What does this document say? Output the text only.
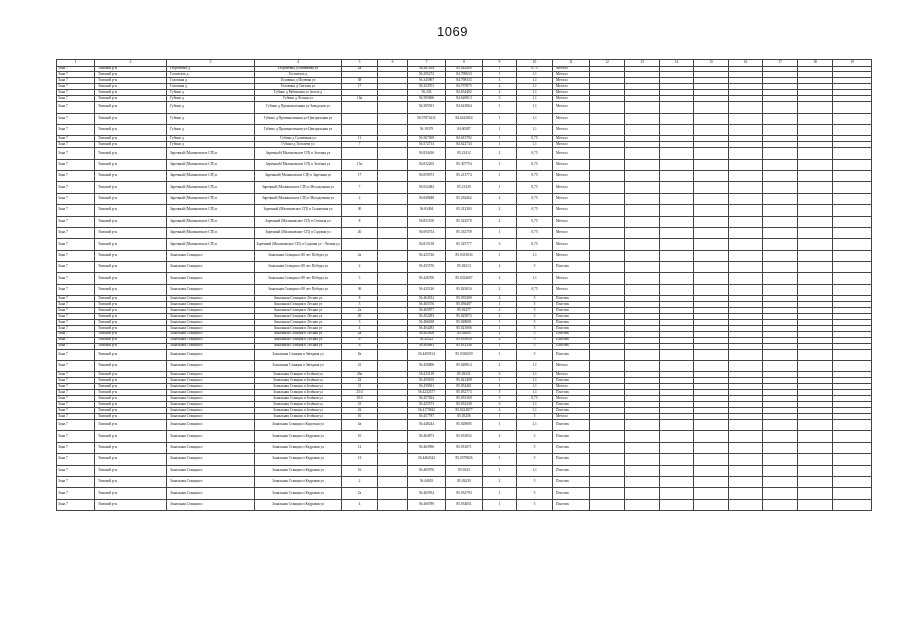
1069
1	2	3	4	5	6	7	8	9	10	11	12	13	14	15	16	17	18	19
Зона 7	Томский р-н	Георгиевка д	Георгиевка д Вишневая ул	2а		56.287294	85.024209	1	0,75	Металл								
Зона 7	Томский р-н	Госпиталь д	Госпиталь д			56.295272	84.790633	1	1,1	Металл								
Зона 7	Томский р-н	Головина д	Головина д Полевая ул	38		56.345967	84.798333	3	1,1	Металл								
Зона 7	Томский р-н	Головина д	Головина д Светлая ул	17		56.354701	84.797875	2	1,1	Металл								
Зона 7	Томский р-н	Губино д	Губино д Рябиновая ул (возле д			56,343	84,634492	2	1,1	Металл								
Зона 7	Томский р-н	Губино д	Губино д Лесная ул	16а		56.505606	84.626813	3	1,1	Металл								
Зона 7	Томский р-н	Губино д	Губино д Промышленная ул-Заводская ул			56.395591	84.622864	1	1,1	Металл								
Зона 7	Томский р-н	Губино д	Губино д Промышленная ул-Центральная ул			56.57874211	84.6225854	1	1,1	Металл								
Зона 7	Томский р-н	Губино д	Губино д Промышленная ул-Центральная ул			56.19379	84.60387	1	1,1	Металл								
Зона 7	Томский р-н	Губино д	Губино д Солнечная ул	11		56.567569	84.615792	1	0,75	Металл								
Зона 7	Томский р-н	Губино д	Губино д Тополева ул	7		56.572714	84.622734	1	1,1	Металл								
Зона 7	Томский р-н	Заречный (Малиновское СП) п	Заречный (Малиновское СП) п Зеленая ул			56.834436	85.21412	2	0,75	Металл								
Зона 7	Томский р-н	Заречный (Малиновское СП) п	Заречный (Малиновское СП) п Зелёная ул	15а		56.832265	85.307754	1	0,75	Металл								
Зона 7	Томский р-н	Заречный (Малиновское СП) п	Заречный (Малиновское СП) п Заречная ул	17		56.859073	85.213774	1	0,75	Металл								
Зона 7	Томский р-н	Заречный (Малиновское СП) п	Заречный (Малиновское СП) п Молодежная ул	7		56.832482	85.21329	1	0,75	Металл								
Зона 7	Томский р-н	Заречный (Малиновское СП) п	Заречный (Малиновское СП) п Молодежная ул	2		56.849848	85.292462	2	0,75	Металл								
Зона 7	Томский р-н	Заречный (Малиновское СП) п	Заречный (Малиновское СП) п Солнечная ул	30		56.83494	85.312303	2	0,75	Металл								
Зона 7	Томский р-н	Заречный (Малиновское СП) п	Заречный (Малиновское СП) п Степная ул	8		56.851100	85.322570	2	0,75	Металл								
Зона 7	Томский р-н	Заречный (Малиновское СП) п	Заречный (Малиновское СП) п Садовая ул	20		56.694754	85.352759	1	0,75	Металл								
Зона 7	Томский р-н	Заречный (Малиновское СП) п	Заречный (Малиновское СП) п Садовая ул - Лесная ул			56.815138	85.325777	3	0,75	Металл								
Зона 7	Томский р-н	Зональная Станция п	Зональная Станция п 80 лет Победы ул	4а		56.425726	85.0333034	1	1,1	Металл								
Зона 7	Томский р-н	Зональная Станция п	Зональная Станция п 80 лет Победы ул	2		56.455576	85.02513	2	5	Пластик								
Зона 7	Томский р-н	Зональная Станция п	Зональная Станция п 80 лет Победы ул	3		56.426700	85.0334607	2	1,1	Металл								
Зона 7	Томский р-н	Зональная Станция п	Зональная Станция п 80 лет Победы ул	36		56.425126	85.023054	2	0,75	Металл								
Зона 7	Томский р-н	Зональная Станция п	Зональная Станция п Лесная ул	8		56.464532	85.035300	2	5	Пластик								
Зона 7	Томский р-н	Зональная Станция п	Зональная Станция п Лесная ул	3		56.465376	85.036407	1	5	Пластик								
Зона 7	Томский р-н	Зональная Станция п	Зональная Станция п Лесная ул	2а		56.465877	85.02477	2	5	Пластик								
Зона 7	Томский р-н	Зональная Станция п	Зональная Станция п Лесная ул	20		56.452283	85.025872	2	5	Пластик								
Зона 7	Томский р-н	Зональная Станция п	Зональная Станция п Лесная ул	3		56.466638	85.028691	1	5	Пластик								
Зона 7	Томский р-н	Зональная Станция п	Зональная Станция п Лесная ул	4		56.464283	85.021066	1	5	Пластик								
Зона 7	Томский р-н	Зональная Станция п	Зональная Станция п Лесная ул	4а		56.462408	85.02683	2	5	Пластик								
Зона 7	Томский р-н	Зональная Станция п	Зональная Станция п Лесная ул	6		56.44322	85.035858	2	5	Пластик								
Зона 7	Томский р-н	Зональная Станция п	Зональная Станция п Лесная ул	6		56.464683	85.031348	1	5	Пластик								
Зона 7	Томский р-н	Зональная Станция п	Зональная Станция п Звёздная ул	8а		56.4459154	85.0330659	1	5	Пластик								
Зона 7	Томский р-н	Зональная Станция п	Зональная Станция п Звёздная ул	41		56.456806	85.028914	2	1,1	Металл								
Зона 7	Томский р-н	Зональная Станция п	Зональная Станция п Зелёная ул	26а		56.423118	85.03231	3	1,1	Металл								
Зона 7	Томский р-н	Зональная Станция п	Зональная Станция п Зелёная ул	22		56.459105	85.021408	1	1,1	Пластик								
Зона 7	Томский р-н	Зональная Станция п	Зональная Станция п Зелёная ул	31		56.458561	85.052461	1	1,1	Металл								
Зона 7	Томский р-н	Зональная Станция п	Зональная Станция п Зелёная ул	25/4		56.4232577	85.032773	5	1,1	Пластик								
Зона 7	Томский р-н	Зональная Станция п	Зональная Станция п Зелёная ул	10/2		56.457824	85.033169	3	0,75	Металл								
Зона 7	Томский р-н	Зональная Станция п	Зональная Станция п Зелёная ул	41		56.425573	85.032340	3	1,1	Пластик								
Зона 7	Томский р-н	Зональная Станция п	Зональная Станция п Зелёная ул	42		56.4175842	85.0224877	2	1,1	Пластик								
Зона 7	Томский р-н	Зональная Станция п	Зональная Станция п Зелёная ул	10		56.457787	85.03256	1	5	Металл								
Зона 7	Томский р-н	Зональная Станция п	Зональная Станция п Короткая ул	4а		56.448244	85.028685	1	1,1	Пластик								
Зона 7	Томский р-н	Зональная Станция п	Зональная Станция п Кедровая ул	10		56.464873	85.033052	2	5	Пластик								
Зона 7	Томский р-н	Зональная Станция п	Зональная Станция п Кедровая ул	12		56.463996	85.031071	1	5	Пластик								
Зона 7	Томский р-н	Зональная Станция п	Зональная Станция п Кедровая ул	13		56.4462542	85.0379826	1	5	Пластик								
Зона 7	Томский р-н	Зональная Станция п	Зональная Станция п Кедровая ул	16		56.465976	85.0323	1	1,1	Пластик								
Зона 7	Томский р-н	Зональная Станция п	Зональная Станция п Кедровая ул	2		56.44635	85.02430	2	5	Пластик								
Зона 7	Томский р-н	Зональная Станция п	Зональная Станция п Кедровая ул	2а		56.465934	85.032793	1	5	Пластик								
Зона 7	Томский р-н	Зональная Станция п	Зональная Станция п Кедровая ул	4		56.466789	85.034831	1	5	Пластик								
